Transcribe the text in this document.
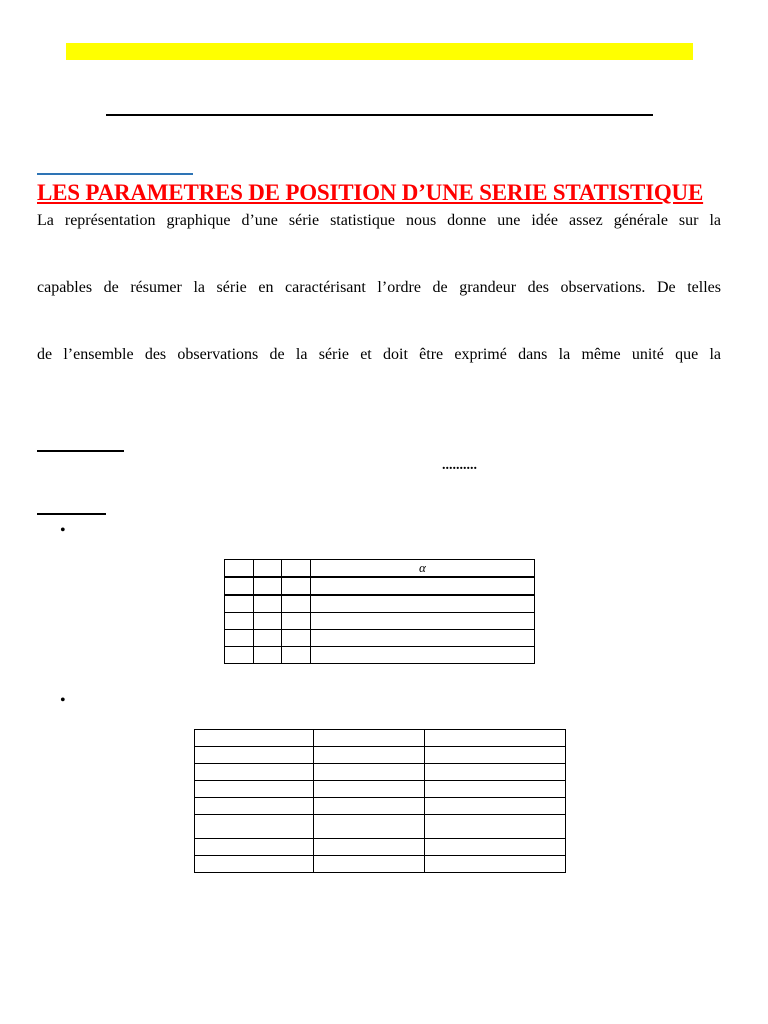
LES PARAMETRES DE POSITION D’UNE SERIE STATISTIQUE
La représentation graphique d’une série statistique nous donne une idée assez générale sur la
capables de résumer la série en caractérisant l’ordre de grandeur des observations. De telles
de l’ensemble des observations de la série et doit être exprimé dans la même unité que la
..........
•
			α

•
